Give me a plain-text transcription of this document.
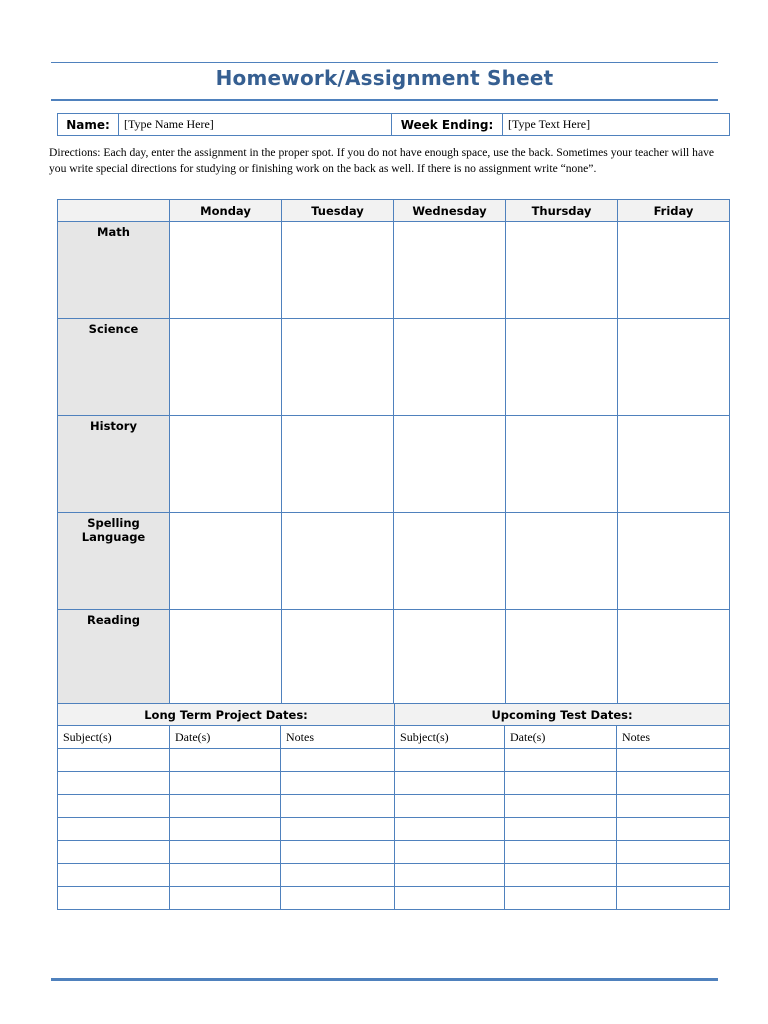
Homework/Assignment Sheet
Name:	[Type Name Here]	Week Ending:	[Type Text Here]
Directions: Each day, enter the assignment in the proper spot. If you do not have enough space, use the back. Sometimes your teacher will have you write special directions for studying or finishing work on the back as well. If there is no assignment write “none”.
	Monday	Tuesday	Wednesday	Thursday	Friday
Math					
Science					
History					
Spelling
Language					
Reading					
Long Term Project Dates:			Upcoming Test Dates:		
Subject(s)	Date(s)	Notes	Subject(s)	Date(s)	Notes
